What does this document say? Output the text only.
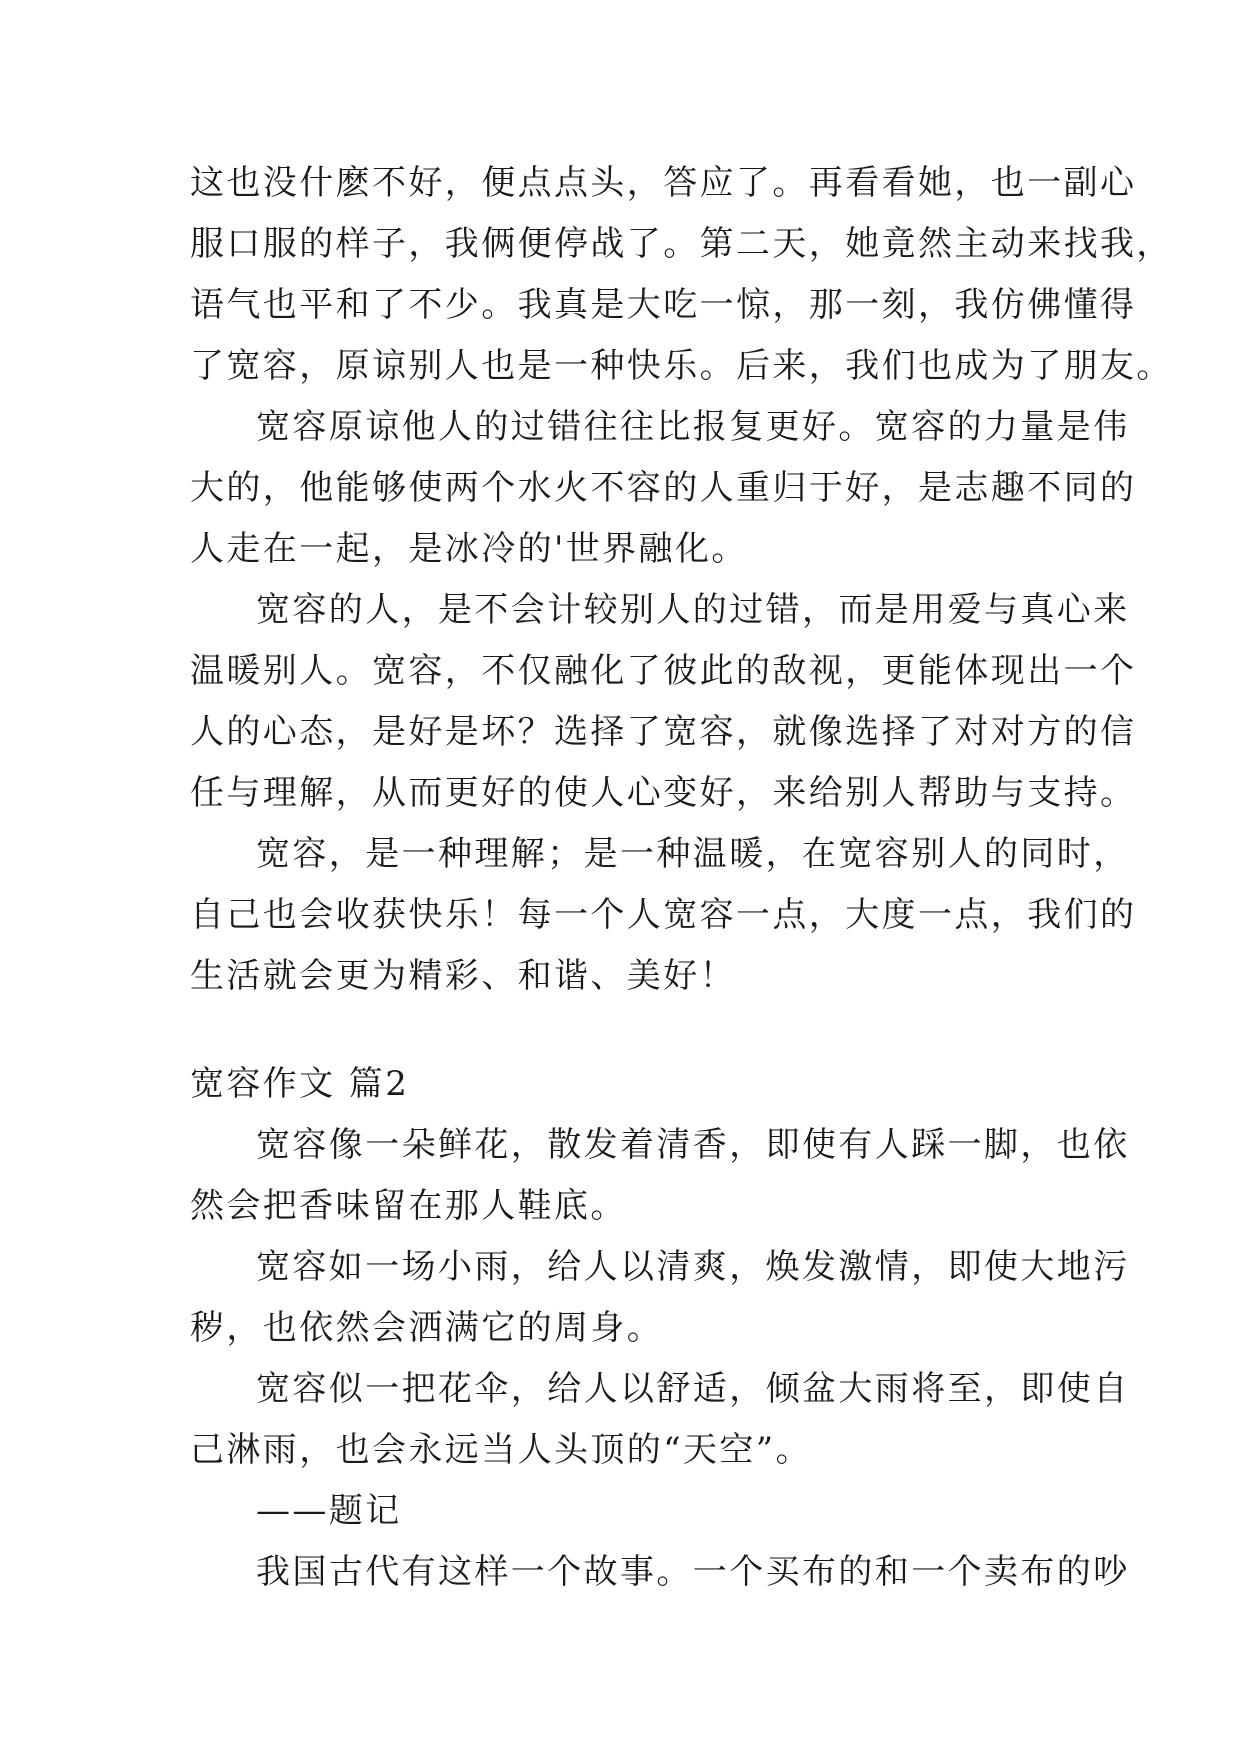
这也没什麽不好，便点点头，答应了。再看看她，也一副心
服口服的样子，我俩便停战了。第二天，她竟然主动来找我，
语气也平和了不少。我真是大吃一惊，那一刻，我仿佛懂得
了宽容，原谅别人也是一种快乐。后来，我们也成为了朋友。
宽容原谅他人的过错往往比报复更好。宽容的力量是伟
大的，他能够使两个水火不容的人重归于好，是志趣不同的
人走在一起，是冰冷的'世界融化。
宽容的人，是不会计较别人的过错，而是用爱与真心来
温暖别人。宽容，不仅融化了彼此的敌视，更能体现出一个
人的心态，是好是坏？选择了宽容，就像选择了对对方的信
任与理解，从而更好的使人心变好，来给别人帮助与支持。
宽容，是一种理解；是一种温暖，在宽容别人的同时，
自己也会收获快乐！每一个人宽容一点，大度一点，我们的
生活就会更为精彩、和谐、美好！
宽容作文 篇2
宽容像一朵鲜花，散发着清香，即使有人踩一脚，也依
然会把香味留在那人鞋底。
宽容如一场小雨，给人以清爽，焕发激情，即使大地污
秽，也依然会洒满它的周身。
宽容似一把花伞，给人以舒适，倾盆大雨将至，即使自
己淋雨，也会永远当人头顶的“天空”。
——题记
我国古代有这样一个故事。一个买布的和一个卖布的吵
